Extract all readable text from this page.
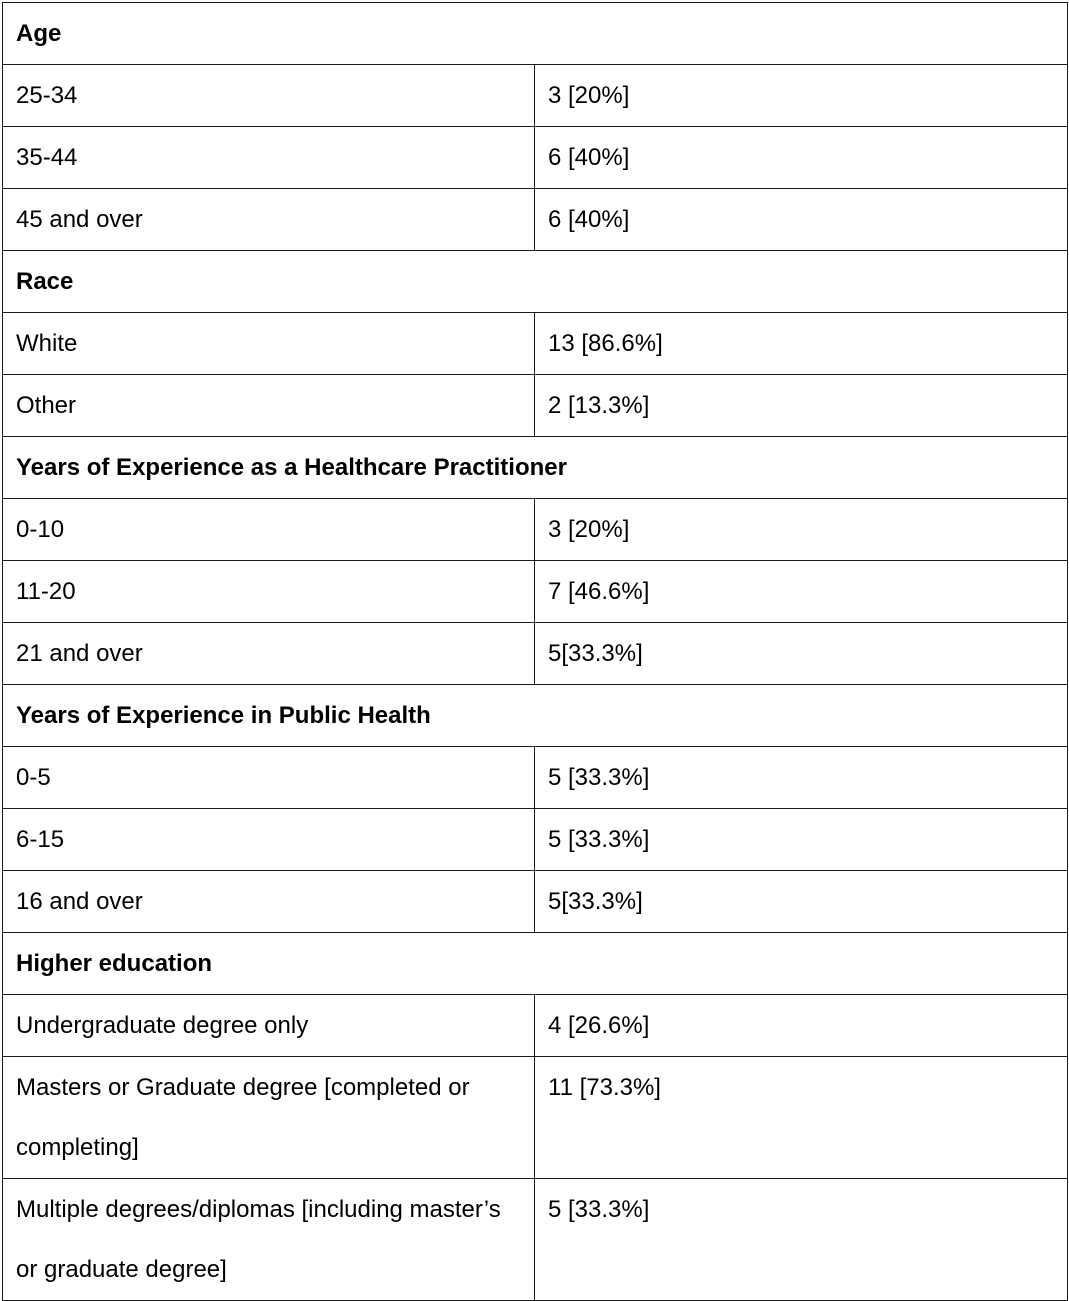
Age	
25-34	3 [20%]
35-44	6 [40%]
45 and over	6 [40%]
Race	
White	13 [86.6%]
Other	2 [13.3%]
Years of Experience as a Healthcare Practitioner	
0-10	3 [20%]
11-20	7 [46.6%]
21 and over	5[33.3%]
Years of Experience in Public Health	
0-5	5 [33.3%]
6-15	5 [33.3%]
16 and over	5[33.3%]
Higher education	
Undergraduate degree only	4 [26.6%]

Masters or Graduate degree [completed or completing]	11 [73.3%]

Multiple degrees/diplomas [including master’s or graduate degree]	5 [33.3%]
